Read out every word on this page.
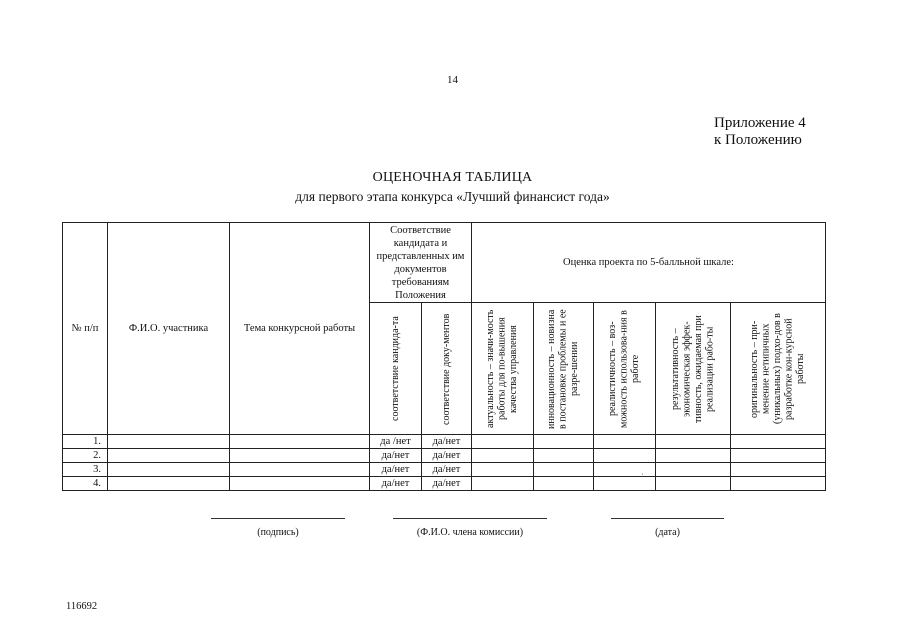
14
Приложение 4
к Положению
ОЦЕНОЧНАЯ ТАБЛИЦА
для первого этапа конкурса «Лучший финансист года»
№ п/п	Ф.И.О. участника	Тема конкурсной работы	Соответствие кандидата и представленных им документов требованиям Положения		Оценка проекта по 5-балльной шкале:				

			соответствие кандида-та	соответствие доку-ментов	актуальность – значи-мость работы для по-вышения качества управления	инновационность – новизна в постановке проблемы и ее разре-шении	реалистичность – воз-можность использова-ния в работе	результативность – экономическая эффек-тивность, ожидаемая при реализации рабо-ты	оригинальность – при-менение нетипичных (уникальных) подхо-дов в разработке кон-курсной работы

1.			да /нет	да/нет					
2.			да/нет	да/нет					
3.			да/нет	да/нет					
4.			да/нет	да/нет					
(подпись)	(Ф.И.О. члена комиссии)	(дата)
·
116692
